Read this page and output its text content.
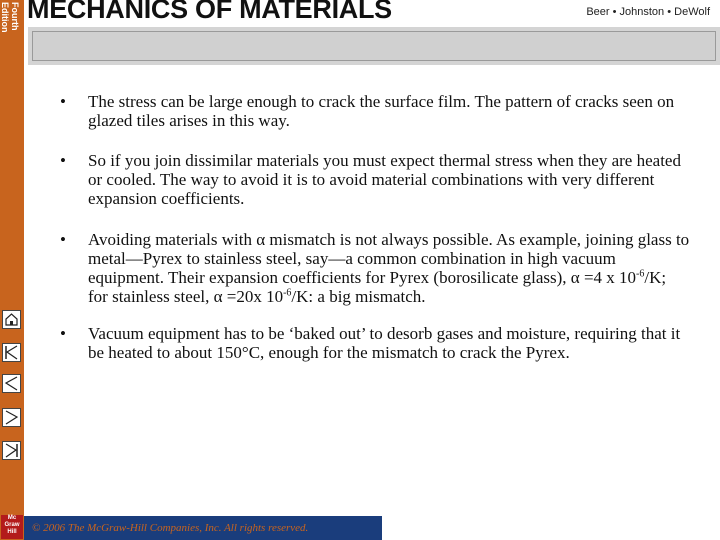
Fourth
Edition MECHANICS OF MATERIALS	Beer • Johnston • DeWolf
• The stress can be large enough to crack the surface film. The pattern of cracks seen on glazed tiles arises in this way.
• So if you join dissimilar materials you must expect thermal stress when they are heated or cooled. The way to avoid it is to avoid material combinations with very different expansion coefficients.
• Avoiding materials with α mismatch is not always possible. As example, joining glass to metal—Pyrex to stainless steel, say—a common combination in high vacuum equipment. Their expansion coefficients for Pyrex (borosilicate glass), α =4 x $10^{-6}/K$; for stainless steel, α =20x $10^{-6}/K$: a big mismatch.
• Vacuum equipment has to be ‘baked out’ to desorb gases and moisture, requiring that it be heated to about 150°C, enough for the mismatch to crack the Pyrex.
Mc
Graw
Hill	© 2006 The McGraw-Hill Companies, Inc. All rights reserved.
